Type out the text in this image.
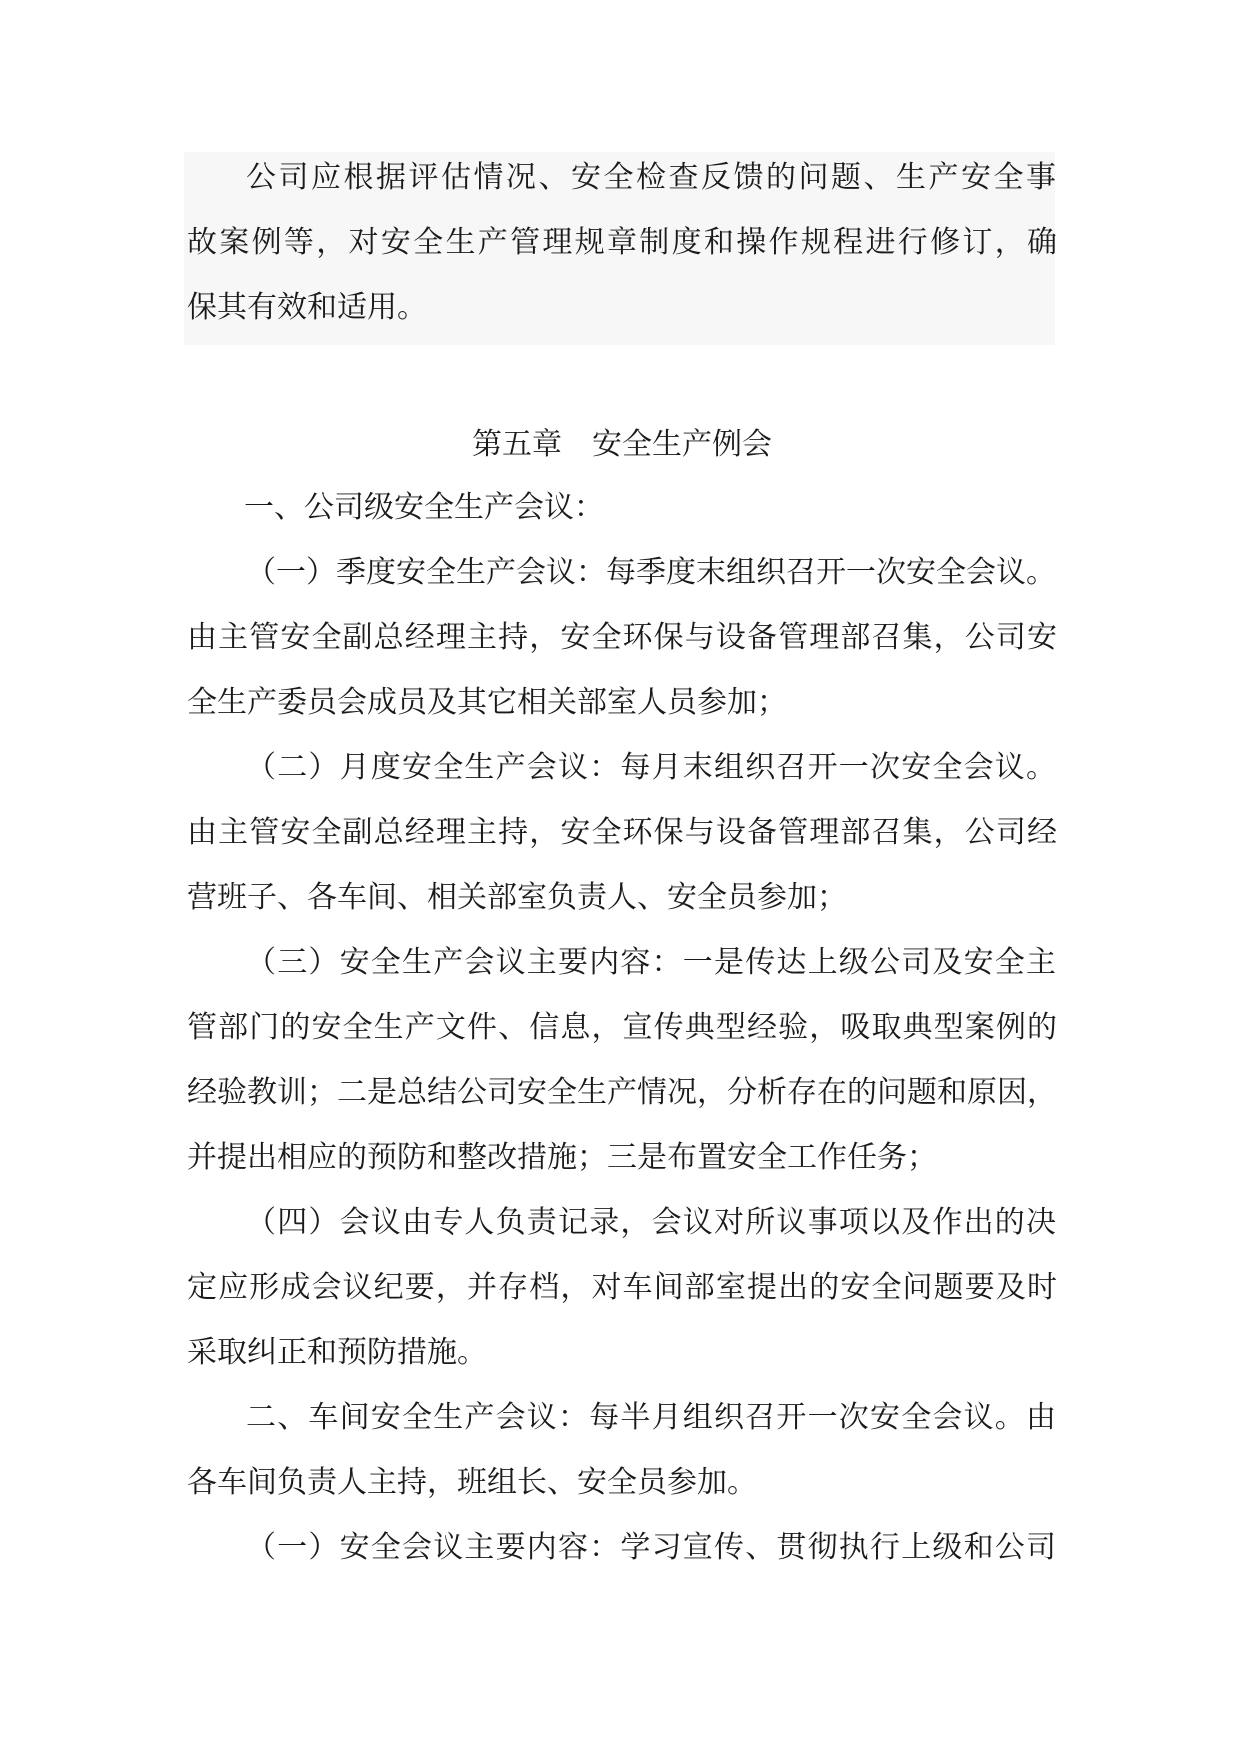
公司应根据评估情况、安全检查反馈的问题、生产安全事
故案例等，对安全生产管理规章制度和操作规程进行修订，确
保其有效和适用。
第五章 安全生产例会
一、公司级安全生产会议：
（一）季度安全生产会议：每季度末组织召开一次安全会议。
由主管安全副总经理主持，安全环保与设备管理部召集，公司安
全生产委员会成员及其它相关部室人员参加；
（二）月度安全生产会议：每月末组织召开一次安全会议。
由主管安全副总经理主持，安全环保与设备管理部召集，公司经
营班子、各车间、相关部室负责人、安全员参加；
（三）安全生产会议主要内容：一是传达上级公司及安全主
管部门的安全生产文件、信息，宣传典型经验，吸取典型案例的
经验教训；二是总结公司安全生产情况，分析存在的问题和原因，
并提出相应的预防和整改措施；三是布置安全工作任务；
（四）会议由专人负责记录，会议对所议事项以及作出的决
定应形成会议纪要，并存档，对车间部室提出的安全问题要及时
采取纠正和预防措施。
二、车间安全生产会议：每半月组织召开一次安全会议。由
各车间负责人主持，班组长、安全员参加。
（一）安全会议主要内容：学习宣传、贯彻执行上级和公司
